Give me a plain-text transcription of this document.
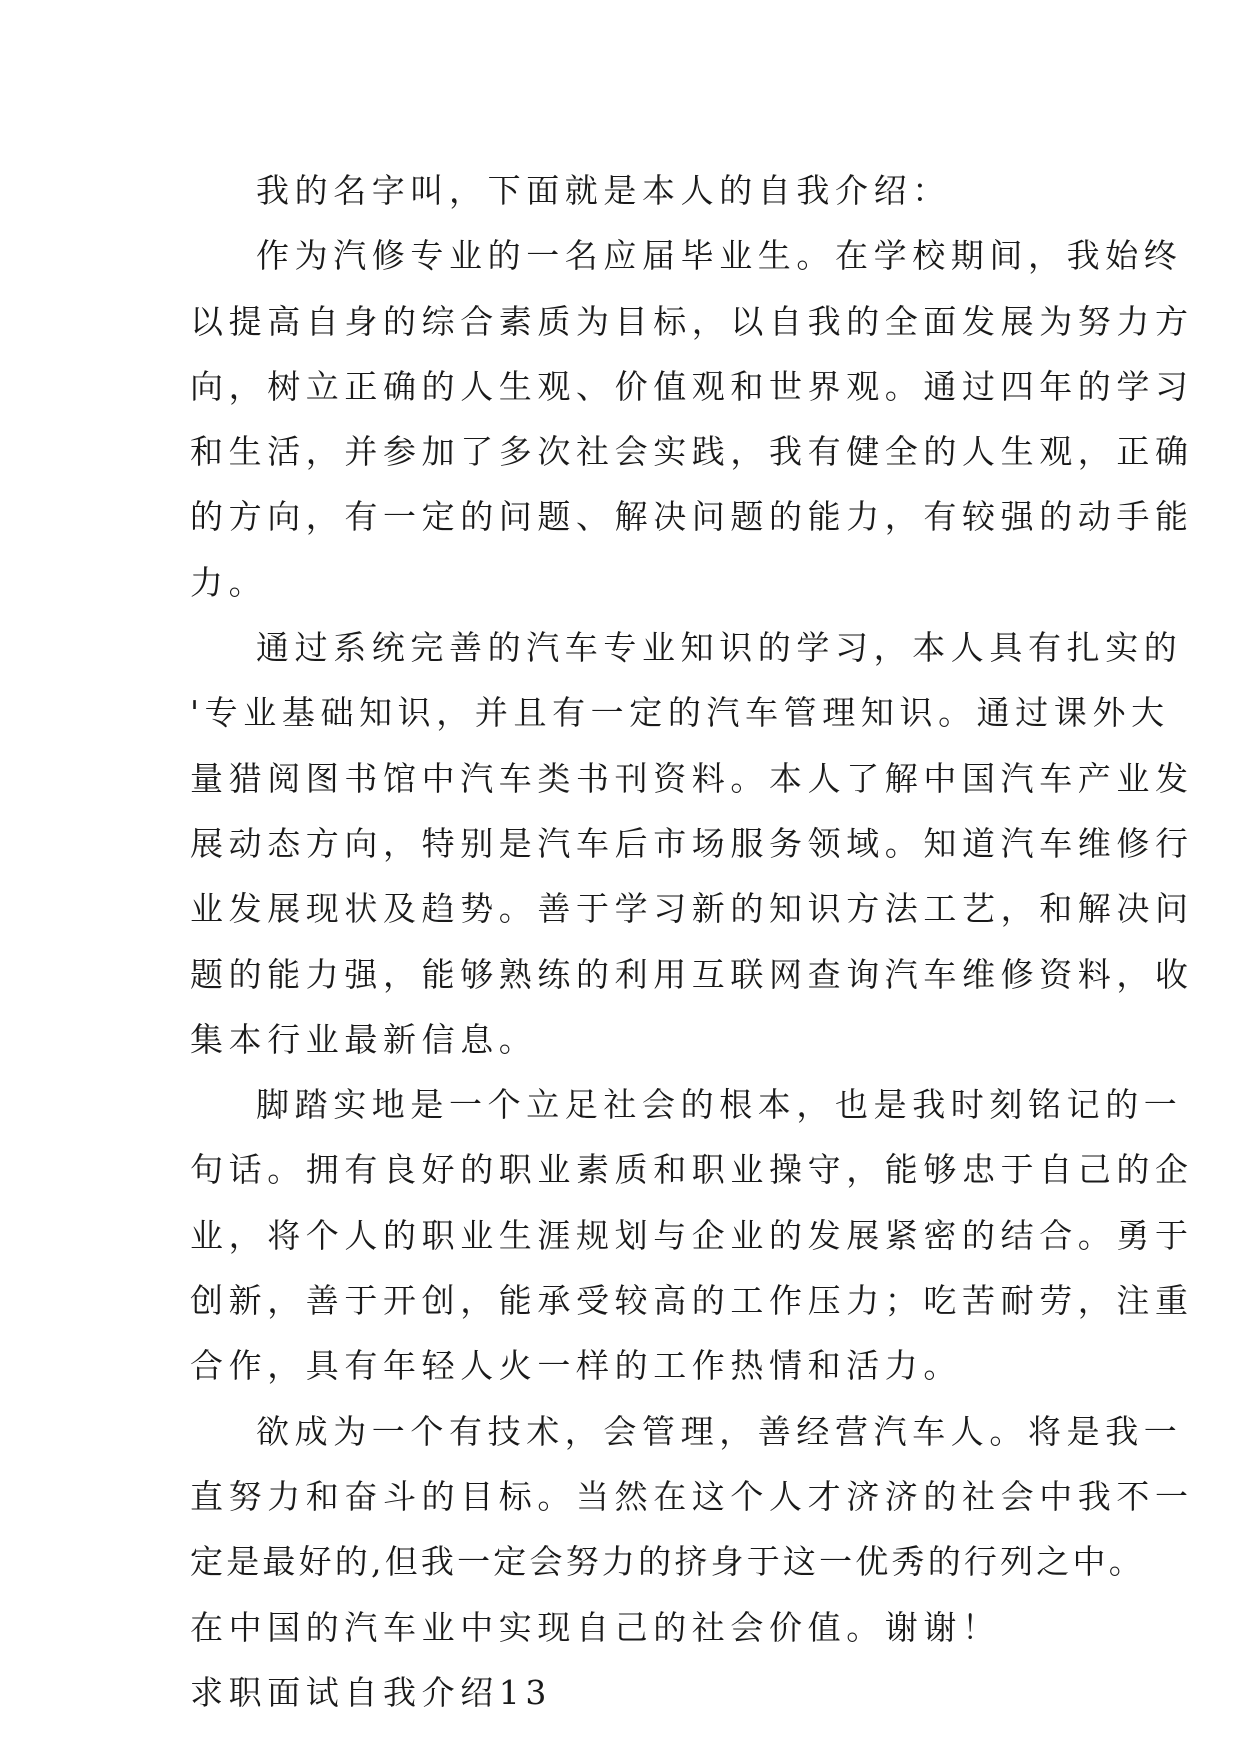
我的名字叫，下面就是本人的自我介绍：

作为汽修专业的一名应届毕业生。在学校期间，我始终
以提高自身的综合素质为目标，以自我的全面发展为努力方
向，树立正确的人生观、价值观和世界观。通过四年的学习
和生活，并参加了多次社会实践，我有健全的人生观，正确
的方向，有一定的问题、解决问题的能力，有较强的动手能
力。

通过系统完善的汽车专业知识的学习，本人具有扎实的
'专业基础知识，并且有一定的汽车管理知识。通过课外大
量猎阅图书馆中汽车类书刊资料。本人了解中国汽车产业发
展动态方向，特别是汽车后市场服务领域。知道汽车维修行
业发展现状及趋势。善于学习新的知识方法工艺，和解决问
题的能力强，能够熟练的利用互联网查询汽车维修资料，收
集本行业最新信息。

脚踏实地是一个立足社会的根本，也是我时刻铭记的一
句话。拥有良好的职业素质和职业操守，能够忠于自己的企
业，将个人的职业生涯规划与企业的发展紧密的结合。勇于
创新，善于开创，能承受较高的工作压力；吃苦耐劳，注重
合作，具有年轻人火一样的工作热情和活力。

欲成为一个有技术，会管理，善经营汽车人。将是我一
直努力和奋斗的目标。当然在这个人才济济的社会中我不一
定是最好的,但我一定会努力的挤身于这一优秀的行列之中。
在中国的汽车业中实现自己的社会价值。谢谢！

求职面试自我介绍13
